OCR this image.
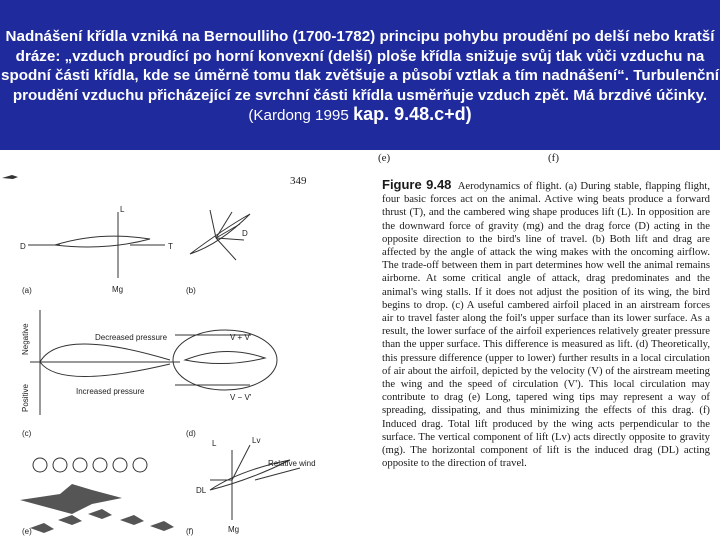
Nadnášení křídla vzniká na Bernoulliho (1700-1782) principu pohybu proudění po delší nebo kratší dráze: „vzduch proudící po horní konvexní (delší) ploše křídla snižuje svůj tlak vůči vzduchu na spodní části křídla, kde se úměrně tomu tlak zvětšuje a působí vztlak a tím nadnášení“. Turbulenční proudění vzduchu přicházející ze svrchní části křídla usměrňuje vzduch zpět. Má brzdivé účinky.
(Kardong 1995 kap. 9.48.c+d)

(e)	(f)
349
L
D	T
Mg
(a)
D
(b)
Negative
Positive
Decreased pressure
Increased pressure
(c)
V + V'
V − V'
(d)
(e)
L	Lv
DL
Relative wind
Mg
(f)
Figure 9.48 Aerodynamics of flight. (a) During stable, flapping flight, four basic forces act on the animal. Active wing beats produce a forward thrust (T), and the cambered wing shape produces lift (L). In opposition are the downward force of gravity (mg) and the drag force (D) acting in the opposite direction to the bird's line of travel. (b) Both lift and drag are affected by the angle of attack the wing makes with the oncoming airflow. The trade-off between them in part determines how well the animal remains airborne. At some critical angle of attack, drag predominates and the animal's wing stalls. If it does not adjust the position of its wing, the bird begins to drop. (c) A useful cambered airfoil placed in an airstream forces air to travel faster along the foil's upper surface than its lower surface. As a result, the lower surface of the airfoil experiences relatively greater pressure than the upper surface. This difference is measured as lift. (d) Theoretically, this pressure difference (upper to lower) further results in a local circulation of air about the airfoil, depicted by the velocity (V) of the airstream meeting the wing and the speed of circulation (V'). This local circulation may contribute to drag (e) Long, tapered wing tips may represent a way of spreading, dissipating, and thus minimizing the effects of this drag. (f) Induced drag. Total lift produced by the wing acts perpendicular to the surface. The vertical component of lift (Lv) acts directly opposite to gravity (mg). The horizontal component of lift is the induced drag (DL) acting opposite to the direction of travel.
